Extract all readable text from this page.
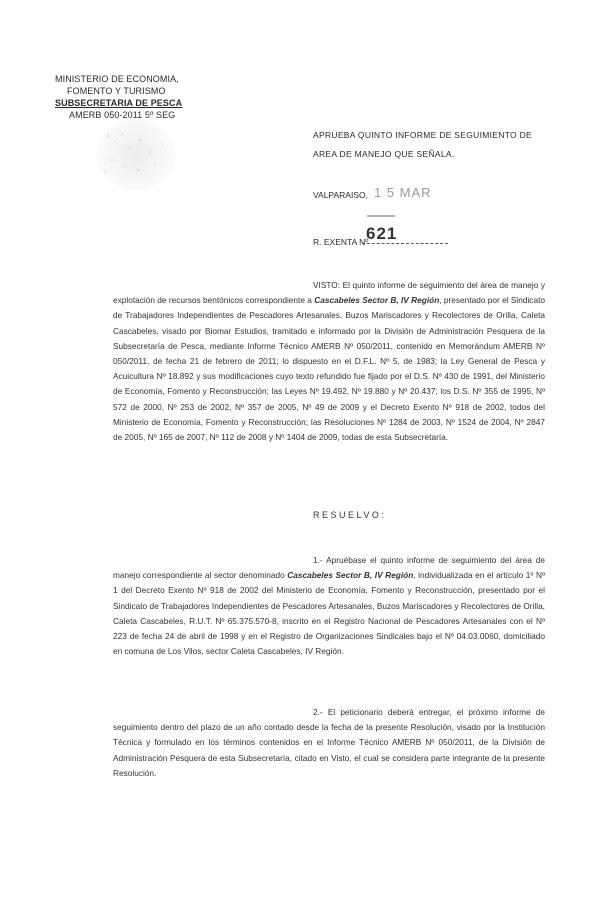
MINISTERIO DE ECONOMIA,
FOMENTO Y TURISMO
SUBSECRETARIA DE PESCA
AMERB 050-2011 5º SEG
APRUEBA QUINTO INFORME DE SEGUIMIENTO DE
AREA DE MANEJO QUE SEÑALA.
VALPARAISO, 1 5 MAR
R. EXENTA Nº
621
VISTO: El quinto informe de seguimiento del área de manejo y explotación de recursos bentónicos correspondiente a Cascabeles Sector B, IV Región, presentado por el Sindicato de Trabajadores Independientes de Pescadores Artesanales, Buzos Mariscadores y Recolectores de Orilla, Caleta Cascabeles, visado por Biomar Estudios, tramitado e informado por la División de Administración Pesquera de la Subsecretaría de Pesca, mediante Informe Técnico AMERB Nº 050/2011, contenido en Memorándum AMERB Nº 050/2011, de fecha 21 de febrero de 2011; lo dispuesto en el D.F.L. Nº 5, de 1983; la Ley General de Pesca y Acuicultura Nº 18.892 y sus modificaciones cuyo texto refundido fue fijado por el D.S. Nº 430 de 1991, del Ministerio de Economía, Fomento y Reconstrucción; las Leyes Nº 19.492, Nº 19.880 y Nº 20.437; los D.S. Nº 355 de 1995, Nº 572 de 2000, Nº 253 de 2002, Nº 357 de 2005, Nº 49 de 2009 y el Decreto Exento Nº 918 de 2002, todos del Ministerio de Economía, Fomento y Reconstrucción; las Resoluciones Nº 1284 de 2003, Nº 1524 de 2004, Nº 2847 de 2005, Nº 165 de 2007, Nº 112 de 2008 y Nº 1404 de 2009, todas de esta Subsecretaría.
RESUELVO:
1.- Apruébase el quinto informe de seguimiento del área de manejo correspondiente al sector denominado Cascabeles Sector B, IV Región, individualizada en el artículo 1º Nº 1 del Decreto Exento Nº 918 de 2002 del Ministerio de Economía, Fomento y Reconstrucción, presentado por el Sindicato de Trabajadores Independientes de Pescadores Artesanales, Buzos Mariscadores y Recolectores de Orilla, Caleta Cascabeles, R.U.T. Nº 65.375.570-8, inscrito en el Registro Nacional de Pescadores Artesanales con el Nº 223 de fecha 24 de abril de 1998 y en el Registro de Organizaciones Sindicales bajo el Nº 04.03.0060, domiciliado en comuna de Los Vilos, sector Caleta Cascabeles, IV Región.
2.- El peticionario deberá entregar, el próximo informe de seguimiento dentro del plazo de un año contado desde la fecha de la presente Resolución, visado por la Institución Técnica y formulado en los términos contenidos en el Informe Técnico AMERB Nº 050/2011, de la División de Administración Pesquera de esta Subsecretaría, citado en Visto, el cual se considera parte integrante de la presente Resolución.
